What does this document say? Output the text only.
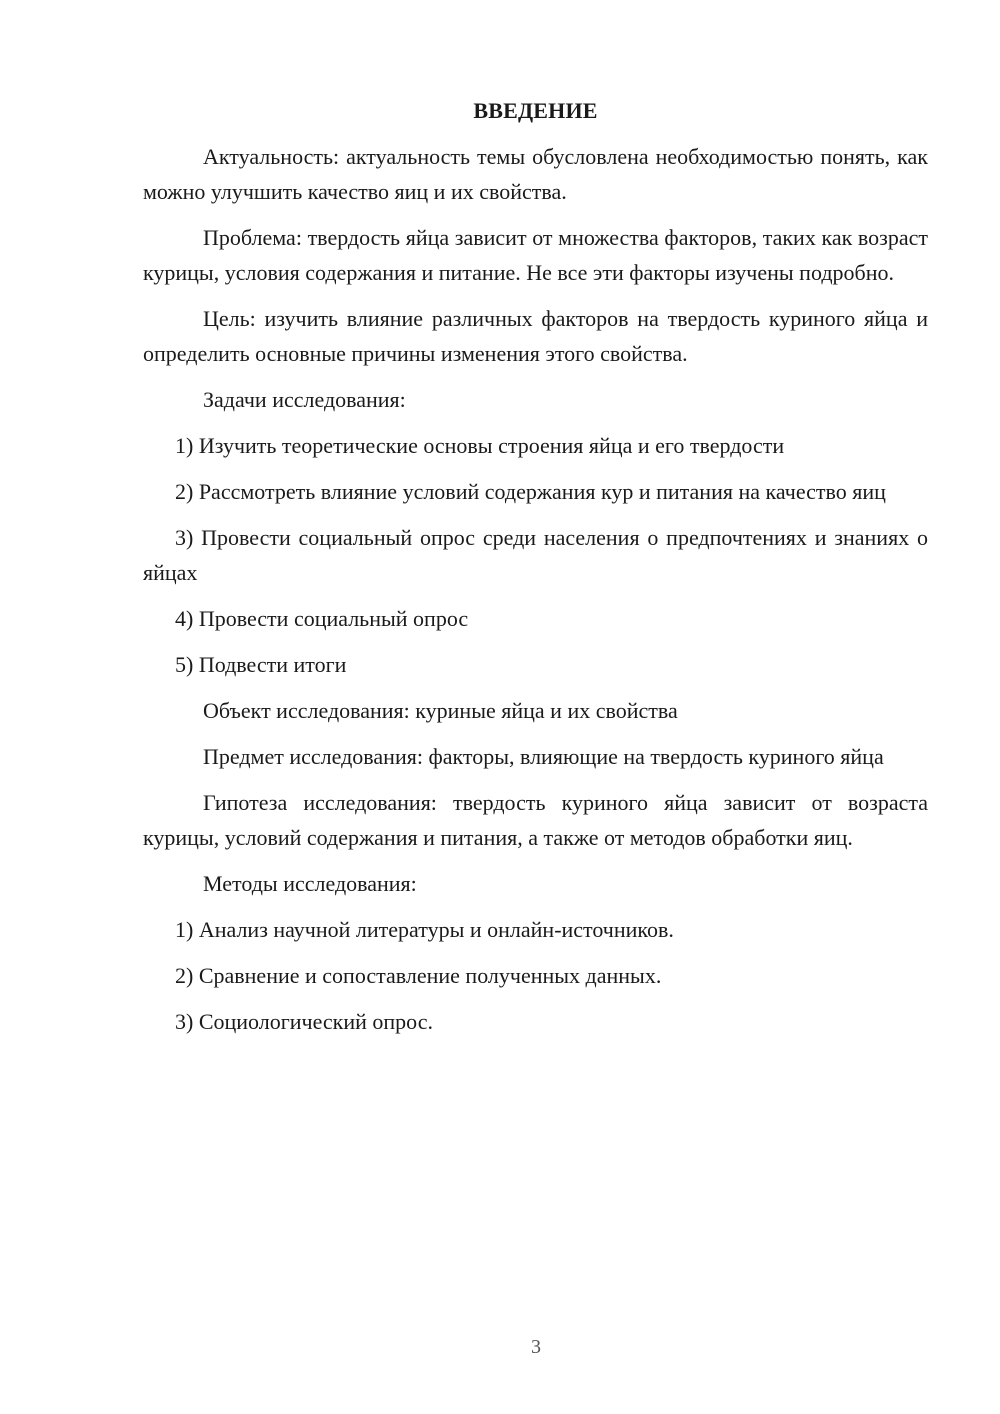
ВВЕДЕНИЕ

Актуальность: актуальность темы обусловлена необходимостью понять, как можно улучшить качество яиц и их свойства.

Проблема: твердость яйца зависит от множества факторов, таких как возраст курицы, условия содержания и питание. Не все эти факторы изучены подробно.

Цель: изучить влияние различных факторов на твердость куриного яйца и определить основные причины изменения этого свойства.

Задачи исследования:

1) Изучить теоретические основы строения яйца и его твердости

2) Рассмотреть влияние условий содержания кур и питания на качество яиц

3) Провести социальный опрос среди населения о предпочтениях и знаниях о яйцах

4) Провести социальный опрос

5) Подвести итоги

Объект исследования: куриные яйца и их свойства

Предмет исследования: факторы, влияющие на твердость куриного яйца

Гипотеза исследования: твердость куриного яйца зависит от возраста курицы, условий содержания и питания, а также от методов обработки яиц.

Методы исследования:

1) Анализ научной литературы и онлайн-источников.

2) Сравнение и сопоставление полученных данных.

3) Социологический опрос.

3
